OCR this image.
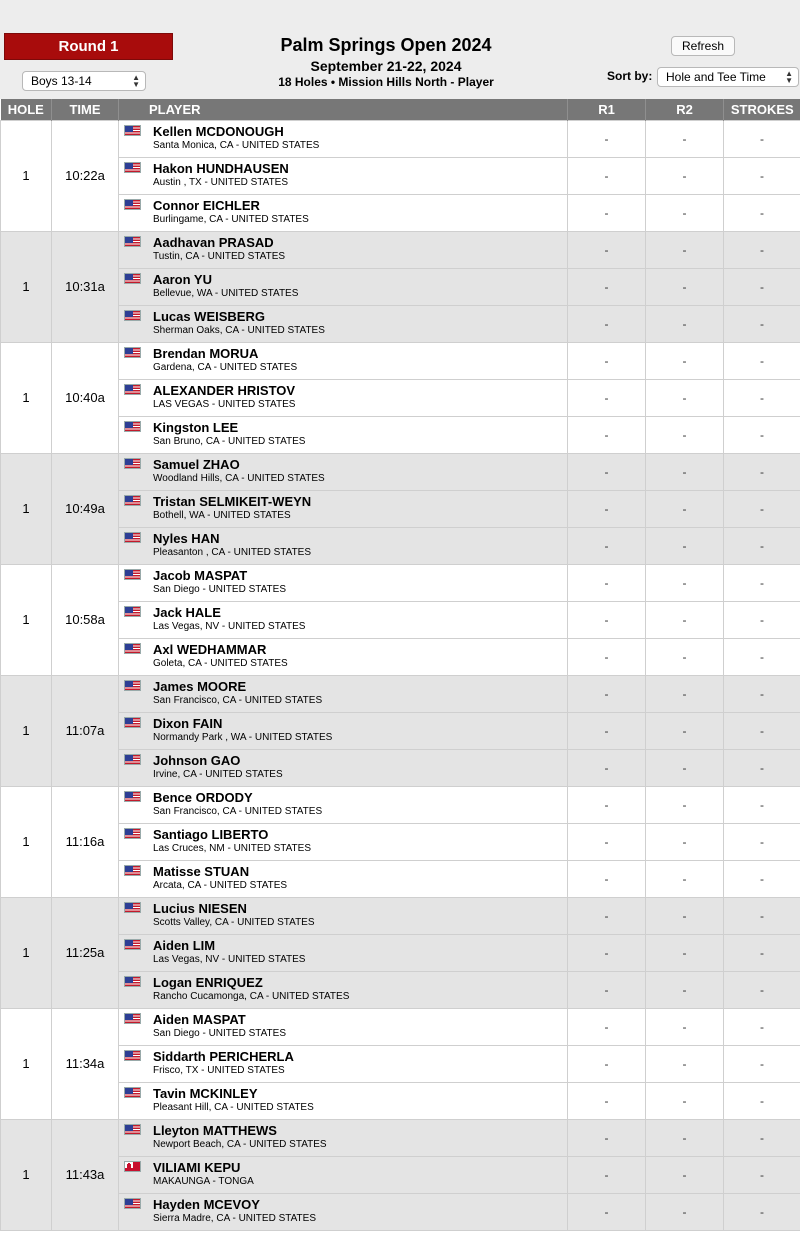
Round 1
Boys 13-14	▲
▼
Palm Springs Open 2024
September 21-22, 2024
18 Holes • Mission Hills North - Player
Refresh
Sort by:	Hole and Tee Time ▲
▼
HOLE	TIME	PLAYER	R1	R2	STROKES
1	10:22a	Kellen MCDONOUGH
Santa Monica, CA - UNITED STATES	-	-	-

		Hakon HUNDHAUSEN
Austin , TX - UNITED STATES	-	-	-

		Connor EICHLER
Burlingame, CA - UNITED STATES	-	-	-
1	10:31a	Aadhavan PRASAD
Tustin, CA - UNITED STATES	-	-	-

		Aaron YU
Bellevue, WA - UNITED STATES	-	-	-

		Lucas WEISBERG
Sherman Oaks, CA - UNITED STATES	-	-	-
1	10:40a	Brendan MORUA
Gardena, CA - UNITED STATES	-	-	-

		ALEXANDER HRISTOV
LAS VEGAS - UNITED STATES	-	-	-

		Kingston LEE
San Bruno, CA - UNITED STATES	-	-	-
1	10:49a	Samuel ZHAO
Woodland Hills, CA - UNITED STATES	-	-	-

		Tristan SELMIKEIT-WEYN
Bothell, WA - UNITED STATES	-	-	-

		Nyles HAN
Pleasanton , CA - UNITED STATES	-	-	-
1	10:58a	Jacob MASPAT
San Diego - UNITED STATES	-	-	-

		Jack HALE
Las Vegas, NV - UNITED STATES	-	-	-

		Axl WEDHAMMAR
Goleta, CA - UNITED STATES	-	-	-
1	11:07a	James MOORE
San Francisco, CA - UNITED STATES	-	-	-

		Dixon FAIN
Normandy Park , WA - UNITED STATES	-	-	-

		Johnson GAO
Irvine, CA - UNITED STATES	-	-	-
1	11:16a	Bence ORDODY
San Francisco, CA - UNITED STATES	-	-	-

		Santiago LIBERTO
Las Cruces, NM - UNITED STATES	-	-	-

		Matisse STUAN
Arcata, CA - UNITED STATES	-	-	-
1	11:25a	Lucius NIESEN
Scotts Valley, CA - UNITED STATES	-	-	-

		Aiden LIM
Las Vegas, NV - UNITED STATES	-	-	-

		Logan ENRIQUEZ
Rancho Cucamonga, CA - UNITED STATES	-	-	-
1	11:34a	Aiden MASPAT
San Diego - UNITED STATES	-	-	-

		Siddarth PERICHERLA
Frisco, TX - UNITED STATES	-	-	-

		Tavin MCKINLEY
Pleasant Hill, CA - UNITED STATES	-	-	-
1	11:43a	Lleyton MATTHEWS
Newport Beach, CA - UNITED STATES	-	-	-

		VILIAMI KEPU
MAKAUNGA - TONGA	-	-	-

		Hayden MCEVOY
Sierra Madre, CA - UNITED STATES	-	-	-
